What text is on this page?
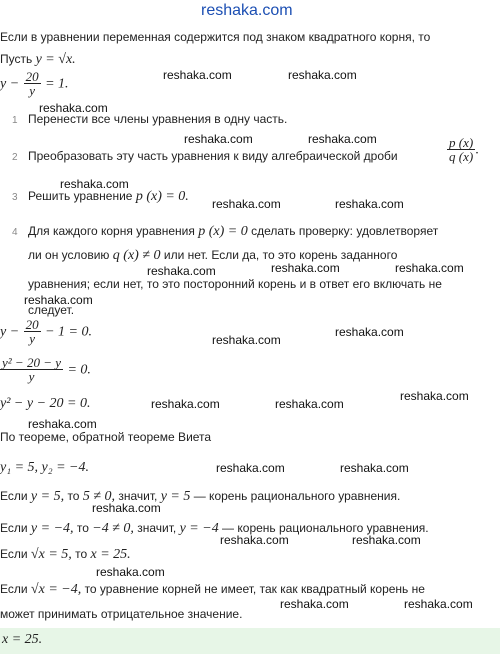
reshaka.com
Если в уравнении переменная содержится под знаком квадратного корня, то
Пусть y = √x.
$y - \frac{20}{y} = 1$.
1 Перенести все члены уравнения в одну часть.
2 Преобразовать эту часть уравнения к виду алгебраической дроби	$\frac{p (x)}{q (x)}$ .
3 Решить уравнение p (x) = 0.
4 Для каждого корня уравнения p (x) = 0 сделать проверку: удовлетворяет
ли он условию q (x) ≠ 0 или нет. Если да, то это корень заданного
уравнения; если нет, то это посторонний корень и в ответ его включать не
следует.
$y - \frac{20}{y} - 1 = 0$.
$\frac{\text{y² − 20 − y}}{y} = 0$.
y² − y − 20 = 0.
По теореме, обратной теореме Виета
y₁ = 5, y₂ = −4.
Если y = 5, то 5 ≠ 0, значит, y = 5 — корень рационального уравнения.
Если y = −4, то −4 ≠ 0, значит, y = −4 — корень рационального уравнения.
Если √x = 5, то x = 25.
Если √x = −4, то уравнение корней не имеет, так как квадратный корень не
может принимать отрицательное значение.
x = 25.
reshaka.com	reshaka.com
reshaka.com
reshaka.com	reshaka.com
reshaka.com
reshaka.com	reshaka.com
reshaka.com	reshaka.com	reshaka.com
reshaka.com
reshaka.com
reshaka.com
reshaka.com
reshaka.com	reshaka.com
reshaka.com
reshaka.com	reshaka.com
reshaka.com
reshaka.com	reshaka.com
reshaka.com
reshaka.com	reshaka.com
